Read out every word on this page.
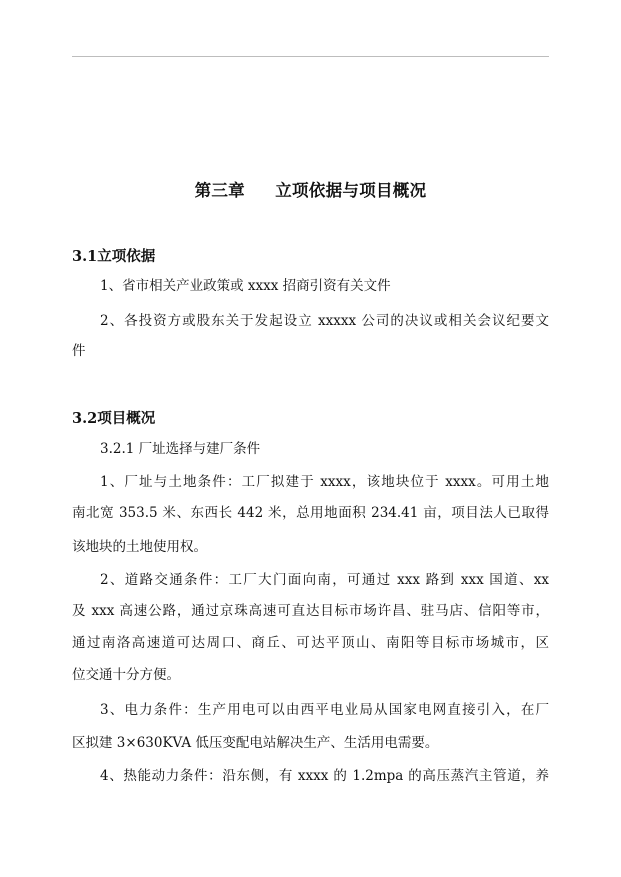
第三章     立项依据与项目概况
3.1立项依据
1、省市相关产业政策或 xxxx 招商引资有关文件
2、各投资方或股东关于发起设立 xxxxx 公司的决议或相关会议纪要文
件
3.2项目概况
3.2.1 厂址选择与建厂条件
1、厂址与土地条件：工厂拟建于 xxxx，该地块位于 xxxx。可用土地
南北宽 353.5 米、东西长 442 米，总用地面积 234.41 亩，项目法人已取得
该地块的土地使用权。
2、道路交通条件：工厂大门面向南，可通过 xxx 路到 xxx 国道、xx
及 xxx 高速公路，通过京珠高速可直达目标市场许昌、驻马店、信阳等市，
通过南洛高速道可达周口、商丘、可达平顶山、南阳等目标市场城市，区
位交通十分方便。
3、电力条件：生产用电可以由西平电业局从国家电网直接引入，在厂
区拟建 3×630KVA 低压变配电站解决生产、生活用电需要。
4、热能动力条件：沿东侧，有 xxxx 的 1.2mpa 的高压蒸汽主管道，养
